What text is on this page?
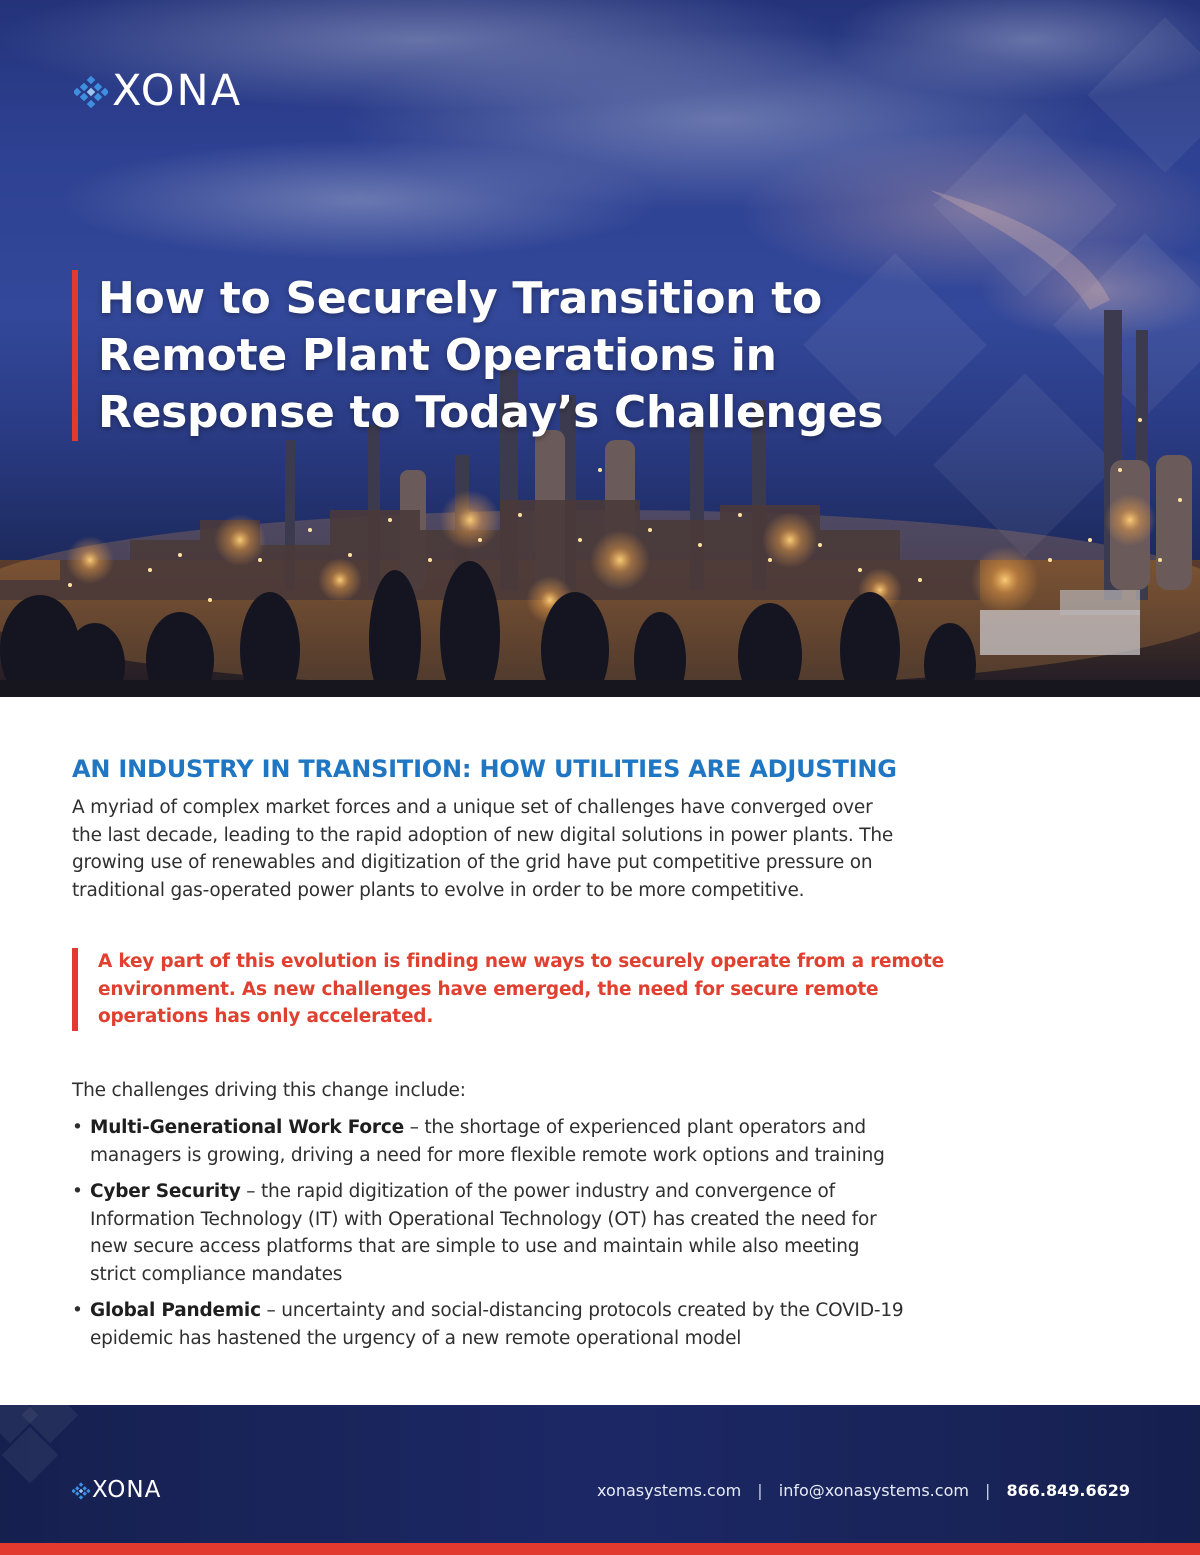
XONA
How to Securely Transition to
Remote Plant Operations in
Response to Today’s Challenges
AN INDUSTRY IN TRANSITION: HOW UTILITIES ARE ADJUSTING

A myriad of complex market forces and a unique set of challenges have converged over
the last decade, leading to the rapid adoption of new digital solutions in power plants. The
growing use of renewables and digitization of the grid have put competitive pressure on
traditional gas-operated power plants to evolve in order to be more competitive.

A key part of this evolution is finding new ways to securely operate from a remote
environment. As new challenges have emerged, the need for secure remote
operations has only accelerated.

The challenges driving this change include:

• Multi-Generational Work Force – the shortage of experienced plant operators and
managers is growing, driving a need for more flexible remote work options and training
• Cyber Security – the rapid digitization of the power industry and convergence of
Information Technology (IT) with Operational Technology (OT) has created the need for
new secure access platforms that are simple to use and maintain while also meeting
strict compliance mandates
• Global Pandemic – uncertainty and social-distancing protocols created by the COVID-19
epidemic has hastened the urgency of a new remote operational model
XONA	xonasystems.com | info@xonasystems.com | 866.849.6629
